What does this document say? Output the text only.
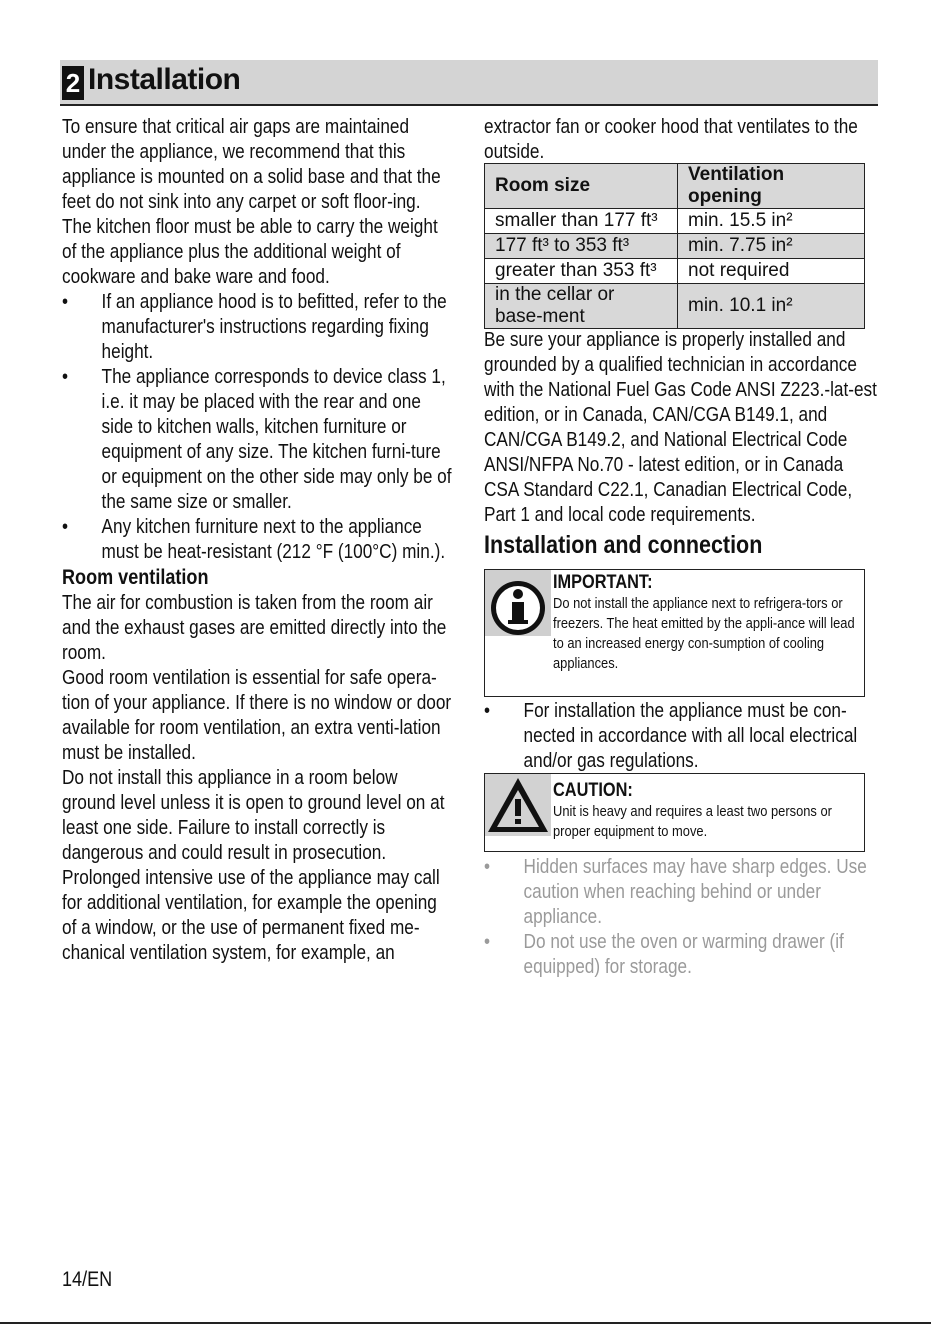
2 Installation

To ensure that critical air gaps are maintained under the appliance, we recommend that this appliance is mounted on a solid base and that the feet do not sink into any carpet or soft floor-ing.

The kitchen floor must be able to carry the weight of the appliance plus the additional weight of cookware and bake ware and food.

• If an appliance hood is to befitted, refer to the manufacturer's instructions regarding fixing height.
• The appliance corresponds to device class 1, i.e. it may be placed with the rear and one side to kitchen walls, kitchen furniture or equipment of any size. The kitchen furni-ture or equipment on the other side may only be of the same size or smaller.
• Any kitchen furniture next to the appliance must be heat-resistant (212 °F (100°C) min.).
Room ventilation

The air for combustion is taken from the room air and the exhaust gases are emitted directly into the room.

Good room ventilation is essential for safe opera-tion of your appliance. If there is no window or door available for room ventilation, an extra venti-lation must be installed.

Do not install this appliance in a room below ground level unless it is open to ground level on at least one side. Failure to install correctly is dangerous and could result in prosecution.

Prolonged intensive use of the appliance may call for additional ventilation, for example the opening of a window, or the use of permanent fixed me-chanical ventilation system, for example, an

extractor fan or cooker hood that ventilates to the outside.

Room size	Ventilation opening
smaller than 177 ft³	min. 15.5 in²
177 ft³ to 353 ft³	min. 7.75 in²
greater than 353 ft³	not required
in the cellar or base-ment	min. 10.1 in²

Be sure your appliance is properly installed and grounded by a qualified technician in accordance with the National Fuel Gas Code ANSI Z223.-lat-est edition, or in Canada, CAN/CGA B149.1, and CAN/CGA B149.2, and National Electrical Code ANSI/NFPA No.70 - latest edition, or in Canada CSA Standard C22.1, Canadian Electrical Code, Part 1 and local code requirements.

Installation and connection
IMPORTANT:
Do not install the appliance next to refrigera-tors or freezers. The heat emitted by the appli-ance will lead to an increased energy con-sumption of cooling appliances.
• For installation the appliance must be con-nected in accordance with all local electrical and/or gas regulations.
CAUTION:
Unit is heavy and requires a least two persons or proper equipment to move.
• Hidden surfaces may have sharp edges. Use caution when reaching behind or under appliance.
• Do not use the oven or warming drawer (if equipped) for storage.
14/EN
